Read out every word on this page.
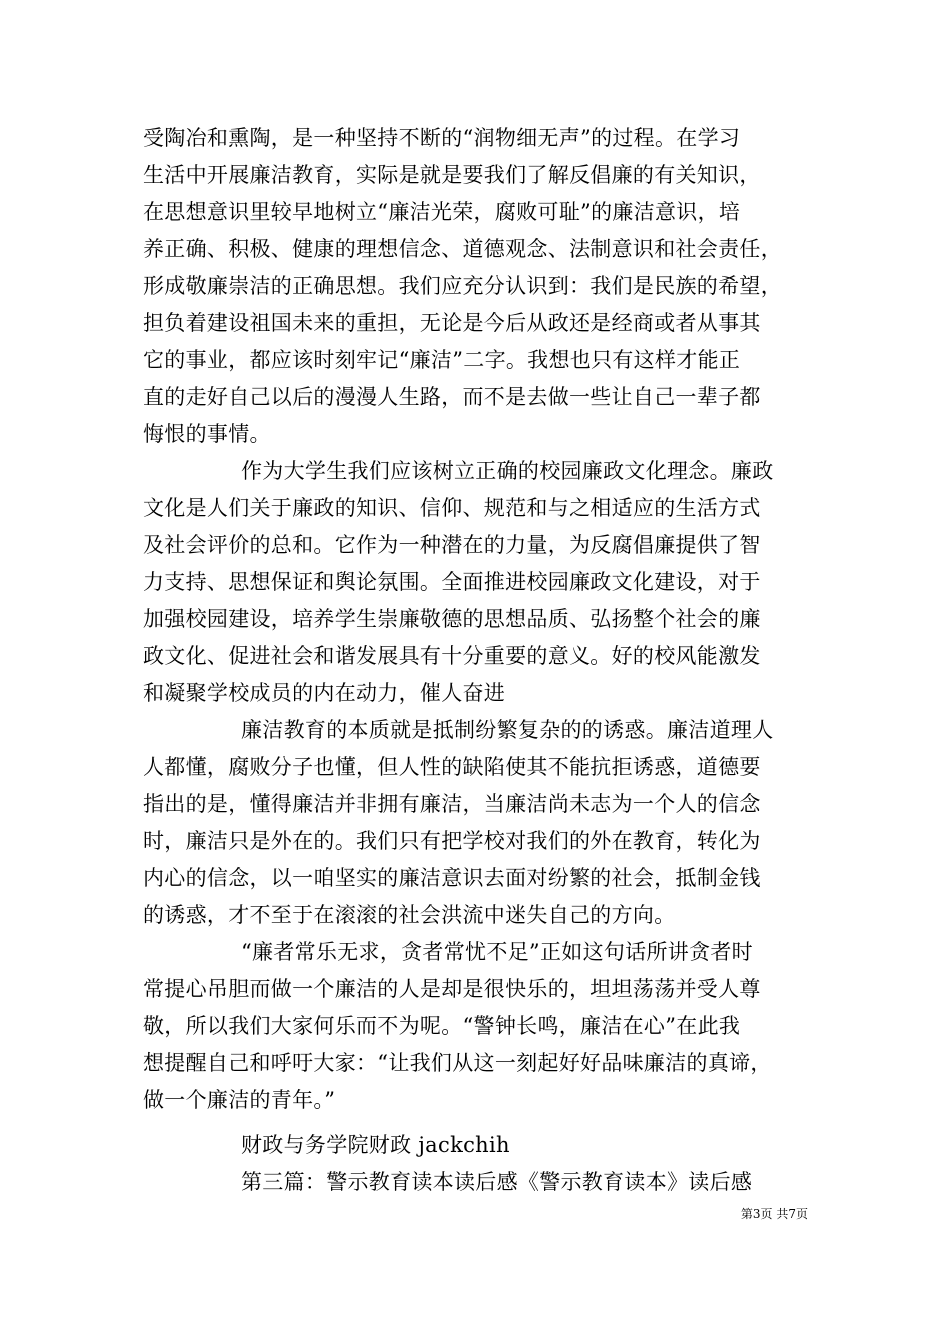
受陶冶和熏陶，是一种坚持不断的“润物细无声”的过程。在学习
生活中开展廉洁教育，实际是就是要我们了解反倡廉的有关知识，
在思想意识里较早地树立“廉洁光荣，腐败可耻”的廉洁意识，培
养正确、积极、健康的理想信念、道德观念、法制意识和社会责任，
形成敬廉崇洁的正确思想。我们应充分认识到：我们是民族的希望，
担负着建设祖国未来的重担，无论是今后从政还是经商或者从事其
它的事业，都应该时刻牢记“廉洁”二字。我想也只有这样才能正
直的走好自己以后的漫漫人生路，而不是去做一些让自己一辈子都
悔恨的事情。
作为大学生我们应该树立正确的校园廉政文化理念。廉政
文化是人们关于廉政的知识、信仰、规范和与之相适应的生活方式
及社会评价的总和。它作为一种潜在的力量，为反腐倡廉提供了智
力支持、思想保证和舆论氛围。全面推进校园廉政文化建设，对于
加强校园建设，培养学生崇廉敬德的思想品质、弘扬整个社会的廉
政文化、促进社会和谐发展具有十分重要的意义。好的校风能激发
和凝聚学校成员的内在动力，催人奋进
廉洁教育的本质就是抵制纷繁复杂的的诱惑。廉洁道理人
人都懂，腐败分子也懂，但人性的缺陷使其不能抗拒诱惑，道德要
指出的是，懂得廉洁并非拥有廉洁，当廉洁尚未志为一个人的信念
时，廉洁只是外在的。我们只有把学校对我们的外在教育，转化为
内心的信念，以一咱坚实的廉洁意识去面对纷繁的社会，抵制金钱
的诱惑，才不至于在滚滚的社会洪流中迷失自己的方向。
“廉者常乐无求，贪者常忧不足”正如这句话所讲贪者时
常提心吊胆而做一个廉洁的人是却是很快乐的，坦坦荡荡并受人尊
敬，所以我们大家何乐而不为呢。“警钟长鸣，廉洁在心”在此我
想提醒自己和呼吁大家：“让我们从这一刻起好好品味廉洁的真谛，
做一个廉洁的青年。”
财政与务学院财政 jackchih
第三篇：警示教育读本读后感《警示教育读本》读后感
第3页 共7页
